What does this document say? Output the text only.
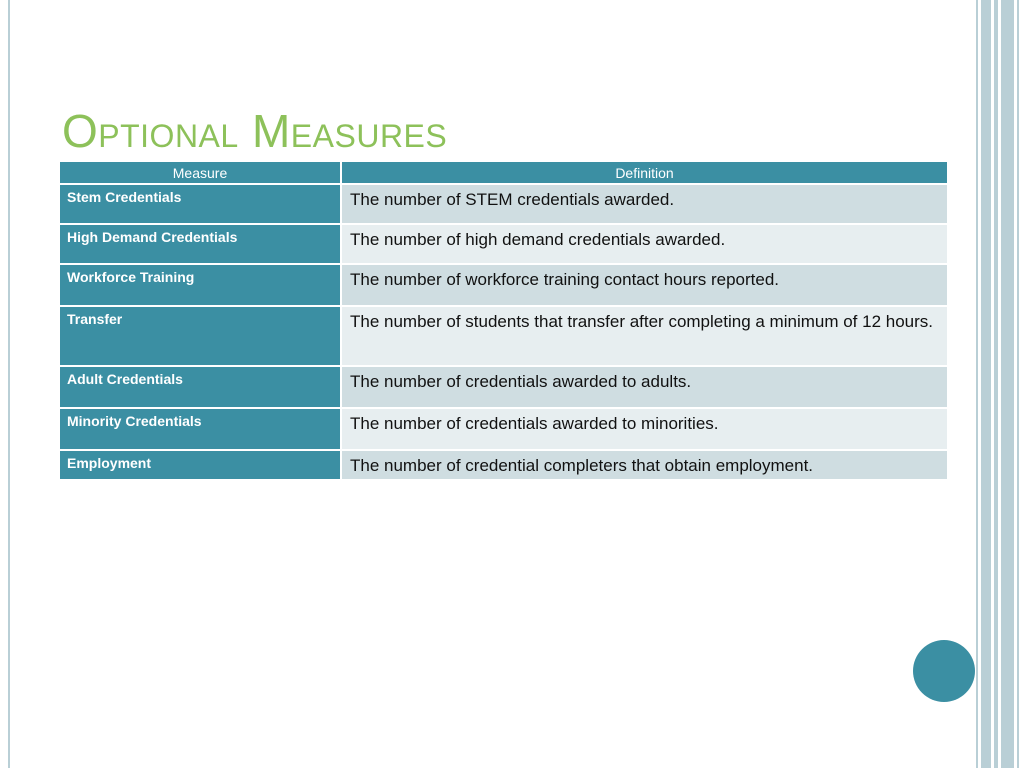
Optional Measures
Measure	Definition
Stem Credentials	The number of STEM credentials awarded.
High Demand Credentials	The number of high demand credentials awarded.
Workforce Training	The number of workforce training contact hours reported.
Transfer	The number of students that transfer after completing a minimum of 12 hours.
Adult Credentials	The number of credentials awarded to adults.
Minority Credentials	The number of credentials awarded to minorities.
Employment	The number of credential completers that obtain employment.
